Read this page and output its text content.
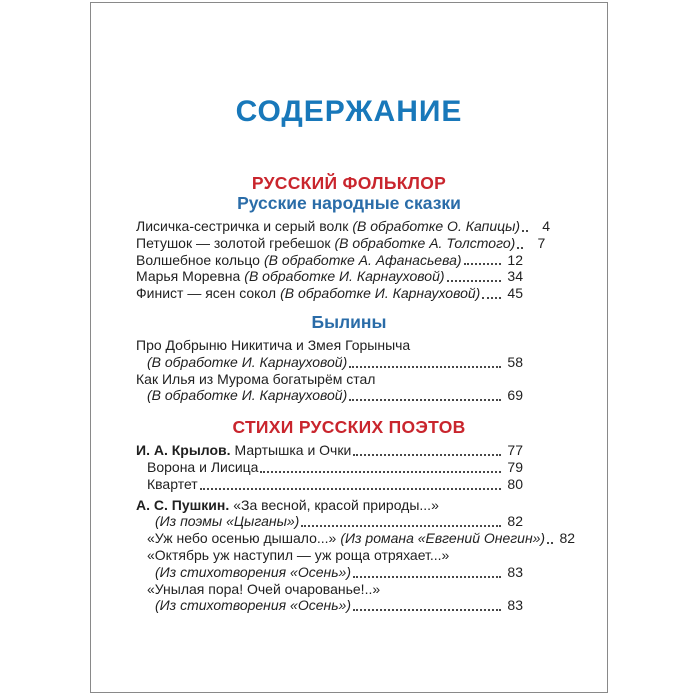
СОДЕРЖАНИЕ
РУССКИЙ ФОЛЬКЛОР
Русские народные сказки
Лисичка-сестричка и серый волк (В обработке О. Капицы)	4
Петушок — золотой гребешок (В обработке А. Толстого)	7
Волшебное кольцо (В обработке А. Афанасьева)	12
Марья Моревна (В обработке И. Карнауховой)	34
Финист — ясен сокол (В обработке И. Карнауховой) 45
Былины
Про Добрыню Никитича и Змея Горыныча
(В обработке И. Карнауховой)	58
Как Илья из Мурома богатырём стал
(В обработке И. Карнауховой)	69
СТИХИ РУССКИХ ПОЭТОВ
И. А. Крылов. Мартышка и Очки	77
Ворона и Лисица	79
Квартет	80
А. С. Пушкин. «За весной, красой природы...»
(Из поэмы «Цыганы»)	82
«Уж небо осенью дышало...» (Из романа «Евгений Онегин») 82
«Октябрь уж наступил — уж роща отряхает...»
(Из стихотворения «Осень»)	83
«Унылая пора! Очей очарованье!..»
(Из стихотворения «Осень»)	83
